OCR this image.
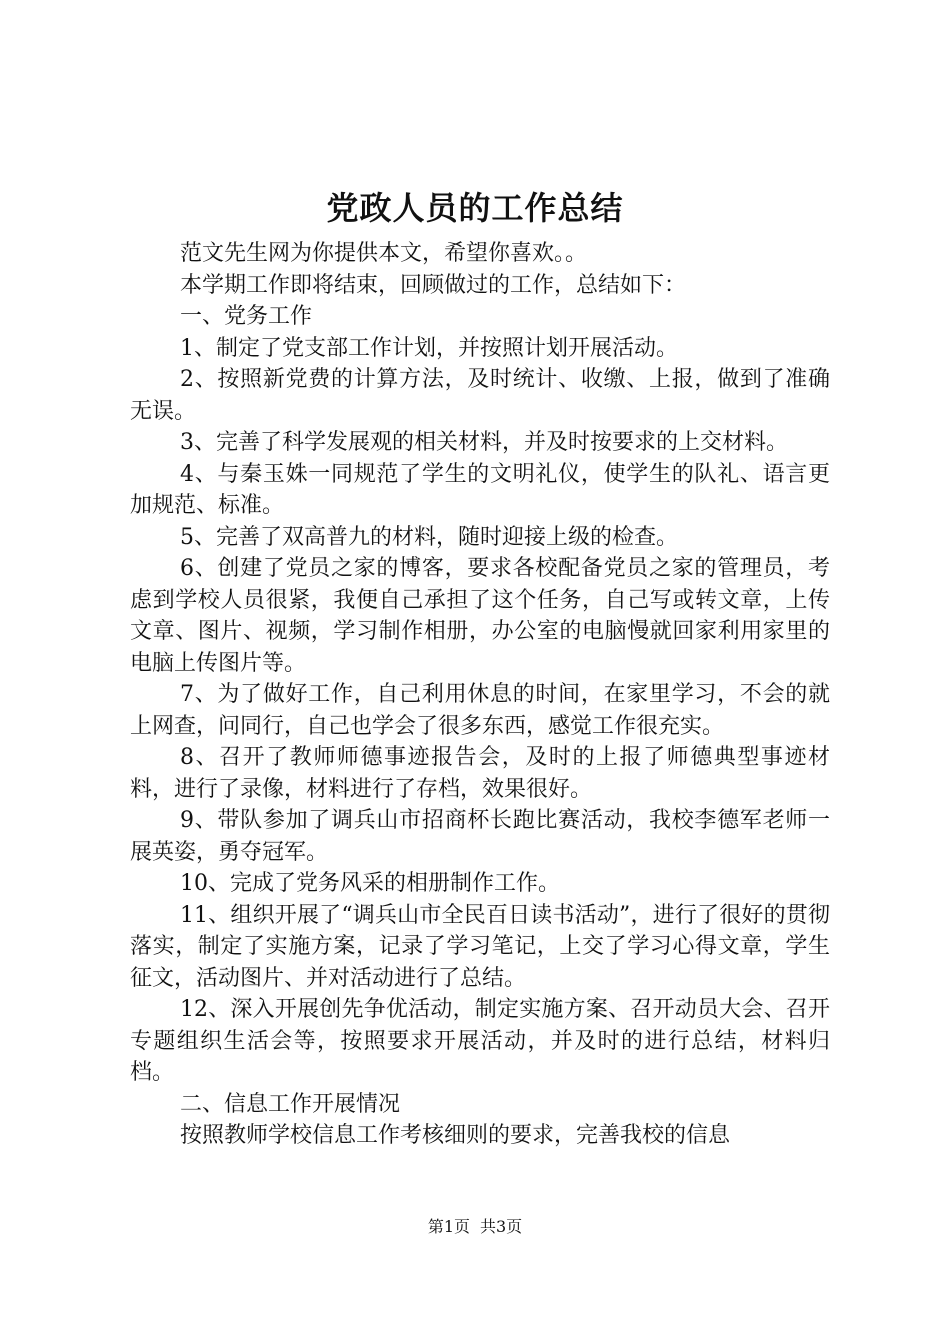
党政人员的工作总结

范文先生网为你提供本文，希望你喜欢。。

本学期工作即将结束，回顾做过的工作，总结如下：

一、党务工作

1、制定了党支部工作计划，并按照计划开展活动。

2、按照新党费的计算方法，及时统计、收缴、上报，做到了准确无误。

3、完善了科学发展观的相关材料，并及时按要求的上交材料。

4、与秦玉姝一同规范了学生的文明礼仪，使学生的队礼、语言更加规范、标准。

5、完善了双高普九的材料，随时迎接上级的检查。

6、创建了党员之家的博客，要求各校配备党员之家的管理员，考虑到学校人员很紧，我便自己承担了这个任务，自己写或转文章，上传文章、图片、视频，学习制作相册，办公室的电脑慢就回家利用家里的电脑上传图片等。

7、为了做好工作，自己利用休息的时间，在家里学习，不会的就上网查，问同行，自己也学会了很多东西，感觉工作很充实。

8、召开了教师师德事迹报告会，及时的上报了师德典型事迹材料，进行了录像，材料进行了存档，效果很好。

9、带队参加了调兵山市招商杯长跑比赛活动，我校李德军老师一展英姿，勇夺冠军。

10、完成了党务风采的相册制作工作。

11、组织开展了“调兵山市全民百日读书活动”，进行了很好的贯彻落实，制定了实施方案，记录了学习笔记，上交了学习心得文章，学生征文，活动图片、并对活动进行了总结。

12、深入开展创先争优活动，制定实施方案、召开动员大会、召开专题组织生活会等，按照要求开展活动，并及时的进行总结，材料归档。

二、信息工作开展情况

按照教师学校信息工作考核细则的要求，完善我校的信息

第1页 共3页
